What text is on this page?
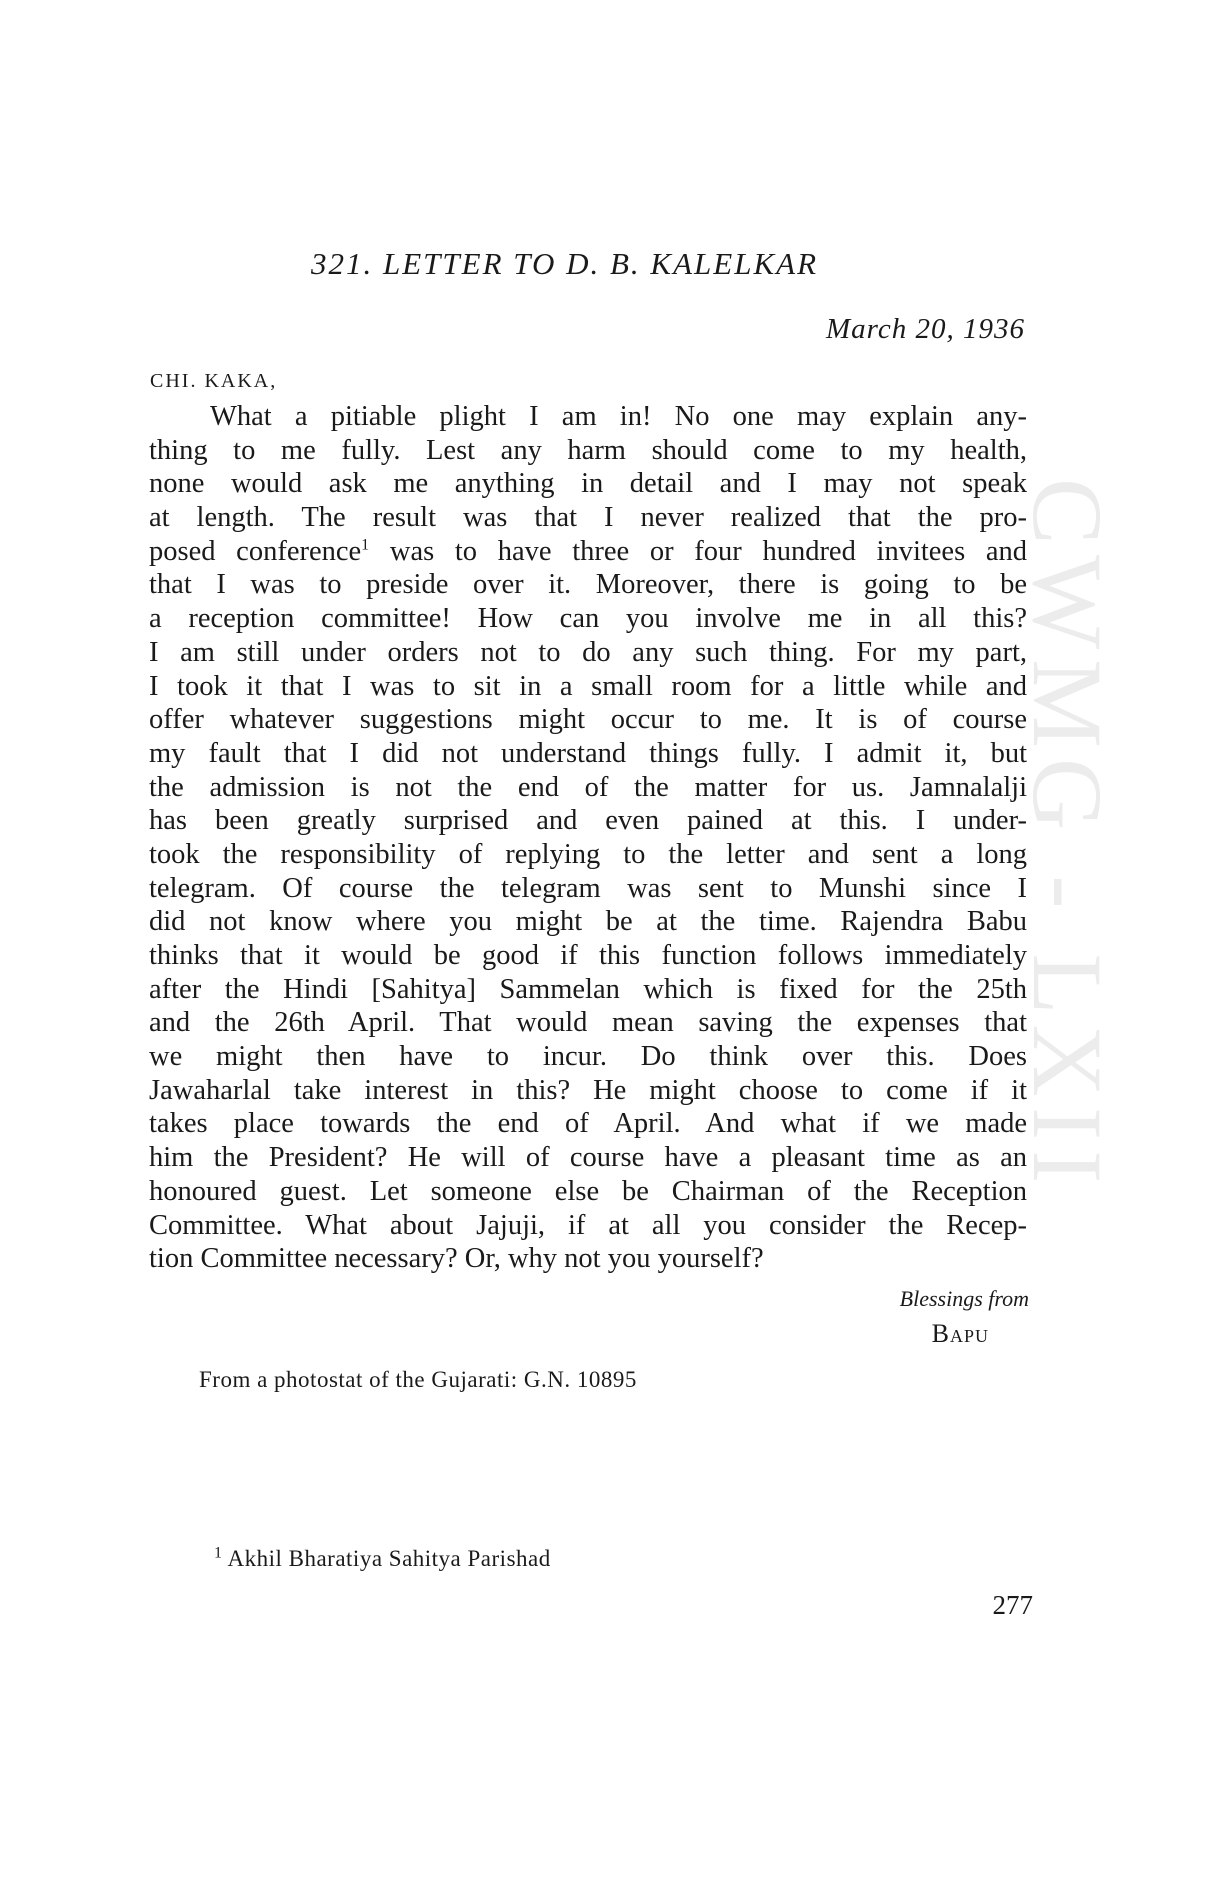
CWMG - LXII
321. LETTER TO D. B. KALELKAR
March 20, 1936
CHI. KAKA,
What a pitiable plight I am in! No one may explain any-
thing to me fully. Lest any harm should come to my health,
none would ask me anything in detail and I may not speak
at length. The result was that I never realized that the pro-
posed conference$^1$ was to have three or four hundred invitees and
that I was to preside over it. Moreover, there is going to be
a reception committee! How can you involve me in all this?
I am still under orders not to do any such thing. For my part,
I took it that I was to sit in a small room for a little while and
offer whatever suggestions might occur to me. It is of course
my fault that I did not understand things fully. I admit it, but
the admission is not the end of the matter for us. Jamnalalji
has been greatly surprised and even pained at this. I under-
took the responsibility of replying to the letter and sent a long
telegram. Of course the telegram was sent to Munshi since I
did not know where you might be at the time. Rajendra Babu
thinks that it would be good if this function follows immediately
after the Hindi [Sahitya] Sammelan which is fixed for the 25th
and the 26th April. That would mean saving the expenses that
we might then have to incur. Do think over this. Does
Jawaharlal take interest in this? He might choose to come if it
takes place towards the end of April. And what if we made
him the President? He will of course have a pleasant time as an
honoured guest. Let someone else be Chairman of the Reception
Committee. What about Jajuji, if at all you consider the Recep-
tion Committee necessary? Or, why not you yourself?
Blessings from
Bapu
From a photostat of the Gujarati: G.N. 10895
$^1$ Akhil Bharatiya Sahitya Parishad
277
